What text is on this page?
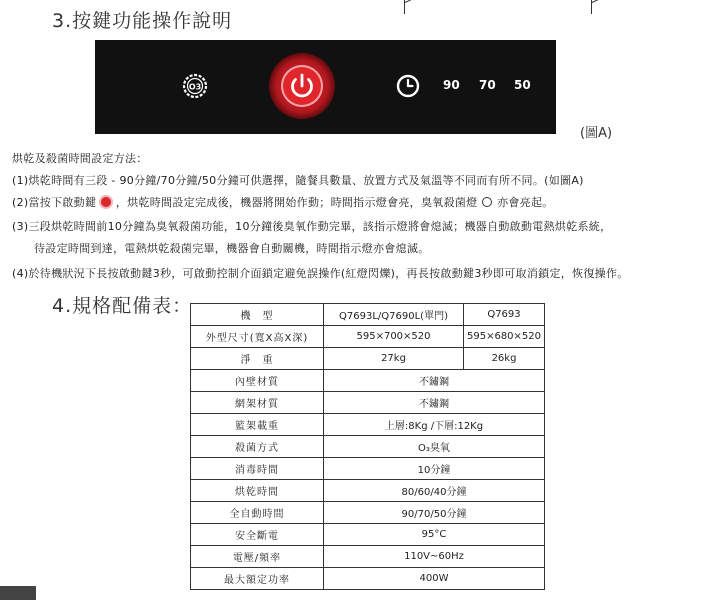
3.按鍵功能操作說明
O3	90 70 50
(圖A)
烘乾及殺菌時間設定方法：
(1)烘乾時間有三段 - 90分鐘/70分鐘/50分鐘可供選擇，隨餐具數量、放置方式及氣溫等不同而有所不同。(如圖A)
(2)當按下啟動鍵 ，烘乾時間設定完成後，機器將開始作動；時間指示燈會亮，臭氧殺菌燈 亦會亮起。
(3)三段烘乾時間前10分鐘為臭氧殺菌功能，10分鐘後臭氧作動完畢，該指示燈將會熄滅；機器自動啟動電熱烘乾系統，
待設定時間到達，電熱烘乾殺菌完畢，機器會自動關機，時間指示燈亦會熄滅。
(4)於待機狀況下長按啟動鍵3秒，可啟動控制介面鎖定避免誤操作(紅燈閃爍)，再長按啟動鍵3秒即可取消鎖定，恢復操作。
4.規格配備表：	機　型	Q7693L/Q7690L(單門)	Q7693
外型尺寸(寬X高X深)	595×700×520	595×680×520
淨　重	27kg	26kg
內壁材質	不鏽鋼	
網架材質	不鏽鋼	
籃架載重	上層:8Kg /下層:12Kg	
殺菌方式	O₃臭氧	
消毒時間	10分鐘	
烘乾時間	80/60/40分鐘	
全自動時間	90/70/50分鐘	
安全斷電	95°C	
電壓/頻率	110V~60Hz	
最大額定功率	400W	
